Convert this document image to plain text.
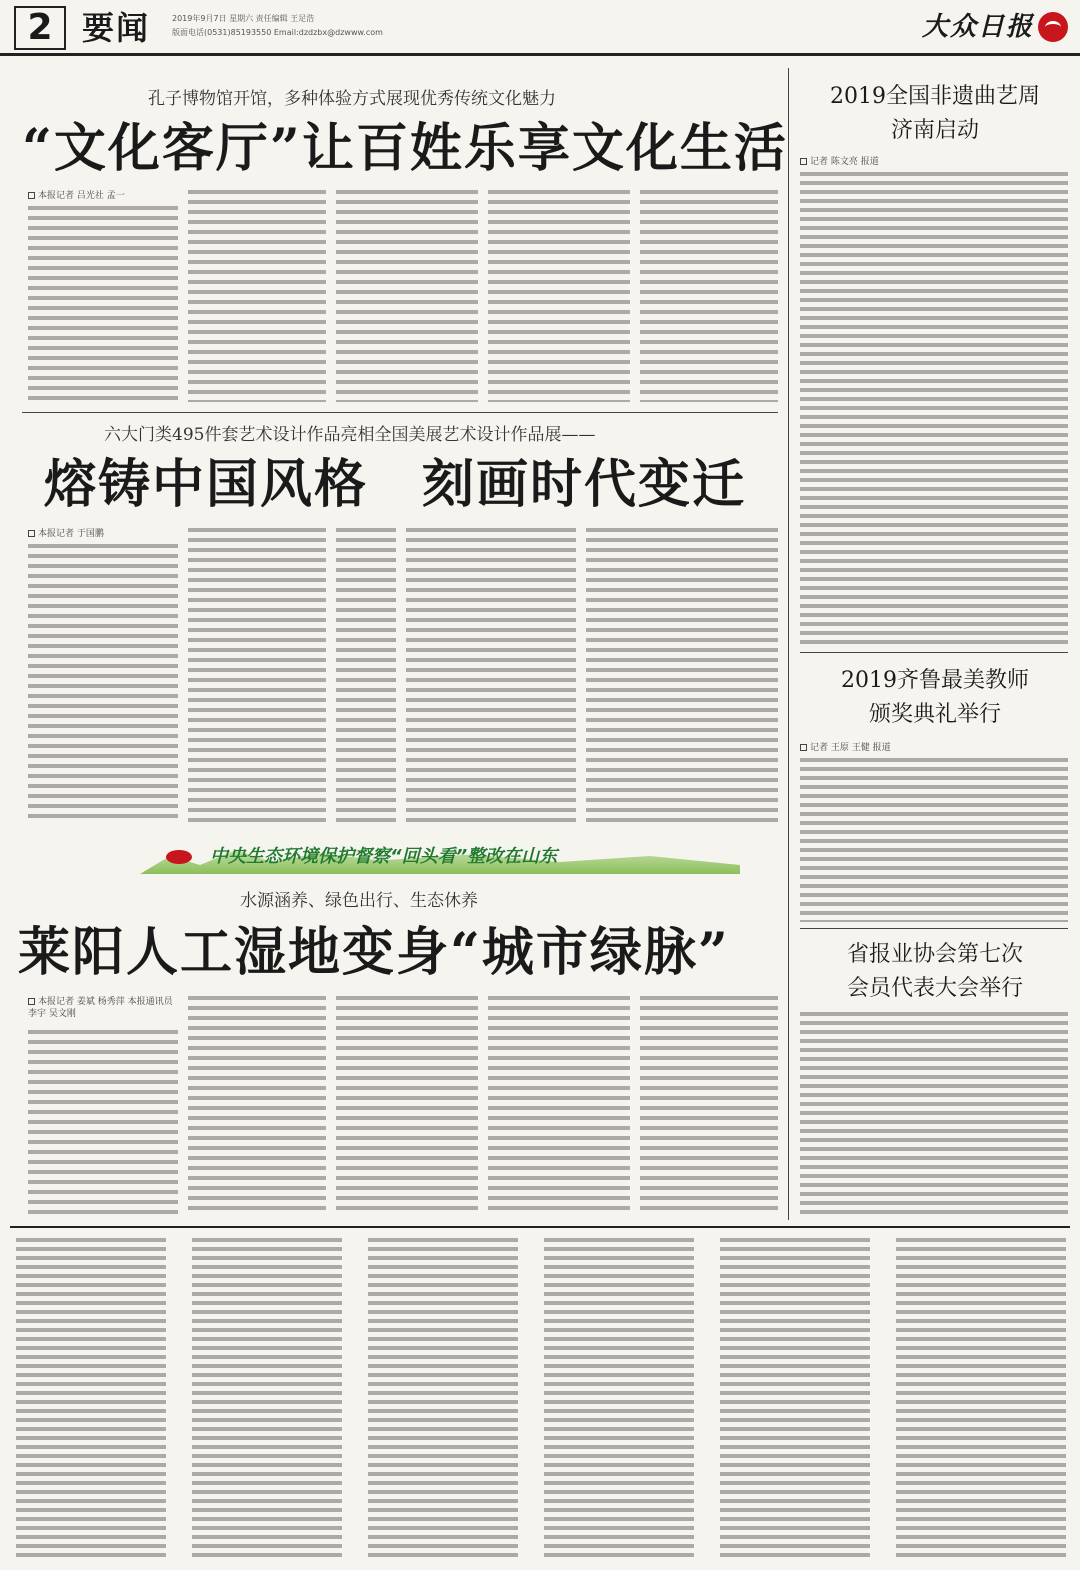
2 要闻	2019年9月7日 星期六 责任编辑 王足浩
版面电话(0531)85193550 Email:dzdzbx@dzwww.com	大众日报
孔子博物馆开馆，多种体验方式展现优秀传统文化魅力
“文化客厅”让百姓乐享文化生活
本报记者 吕光社 孟一
六大门类495件套艺术设计作品亮相全国美展艺术设计作品展——
熔铸中国风格　刻画时代变迁
本报记者 于国鹏
中央生态环境保护督察“回头看”整改在山东
水源涵养、绿色出行、生态休养
莱阳人工湿地变身“城市绿脉”
本报记者 姜斌 杨秀萍 本报通讯员 李宇 吴文刚
2019全国非遗曲艺周
济南启动
记者 陈文亮 报道
2019齐鲁最美教师
颁奖典礼举行
记者 王原 王健 报道
省报业协会第七次
会员代表大会举行
